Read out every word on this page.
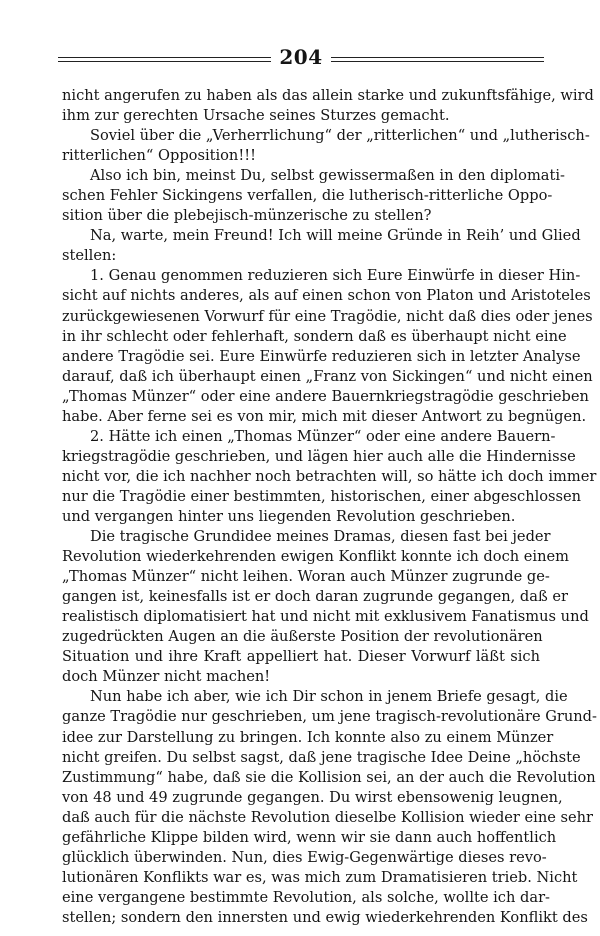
204
nicht angerufen zu haben als das allein starke und zukunftsfähige, wird
ihm zur gerechten Ursache seines Sturzes gemacht.
Soviel über die „Verherrlichung“ der „ritterlichen“ und „lutherisch-
ritterlichen“ Opposition!!!
Also ich bin, meinst Du, selbst gewissermaßen in den diplomati-
schen Fehler Sickingens verfallen, die lutherisch-ritterliche Oppo-
sition über die plebejisch-münzerische zu stellen?
Na, warte, mein Freund! Ich will meine Gründe in Reih’ und Glied
stellen:
1. Genau genommen reduzieren sich Eure Einwürfe in dieser Hin-
sicht auf nichts anderes, als auf einen schon von Platon und Aristoteles
zurückgewiesenen Vorwurf für eine Tragödie, nicht daß dies oder jenes
in ihr schlecht oder fehlerhaft, sondern daß es überhaupt nicht eine
andere Tragödie sei. Eure Einwürfe reduzieren sich in letzter Analyse
darauf, daß ich überhaupt einen „Franz von Sickingen“ und nicht einen
„Thomas Münzer“ oder eine andere Bauernkriegstragödie geschrieben
habe. Aber ferne sei es von mir, mich mit dieser Antwort zu begnügen.
2. Hätte ich einen „Thomas Münzer“ oder eine andere Bauern-
kriegstragödie geschrieben, und lägen hier auch alle die Hindernisse
nicht vor, die ich nachher noch betrachten will, so hätte ich doch immer
nur die Tragödie einer bestimmten, historischen, einer abgeschlossen
und vergangen hinter uns liegenden Revolution geschrieben.
Die tragische Grundidee meines Dramas, diesen fast bei jeder
Revolution wiederkehrenden ewigen Konflikt konnte ich doch einem
„Thomas Münzer“ nicht leihen. Woran auch Münzer zugrunde ge-
gangen ist, keinesfalls ist er doch daran zugrunde gegangen, daß er
realistisch diplomatisiert hat und nicht mit exklusivem Fanatismus und
zugedrückten Augen an die äußerste Position der revolutionären
Situation und ihre Kraft appelliert hat. Dieser Vorwurf läßt sich
doch Münzer nicht machen!
Nun habe ich aber, wie ich Dir schon in jenem Briefe gesagt, die
ganze Tragödie nur geschrieben, um jene tragisch-revolutionäre Grund-
idee zur Darstellung zu bringen. Ich konnte also zu einem Münzer
nicht greifen. Du selbst sagst, daß jene tragische Idee Deine „höchste
Zustimmung“ habe, daß sie die Kollision sei, an der auch die Revolution
von 48 und 49 zugrunde gegangen. Du wirst ebensowenig leugnen,
daß auch für die nächste Revolution dieselbe Kollision wieder eine sehr
gefährliche Klippe bilden wird, wenn wir sie dann auch hoffentlich
glücklich überwinden. Nun, dies Ewig-Gegenwärtige dieses revo-
lutionären Konflikts war es, was mich zum Dramatisieren trieb. Nicht
eine vergangene bestimmte Revolution, als solche, wollte ich dar-
stellen; sondern den innersten und ewig wiederkehrenden Konflikt des
